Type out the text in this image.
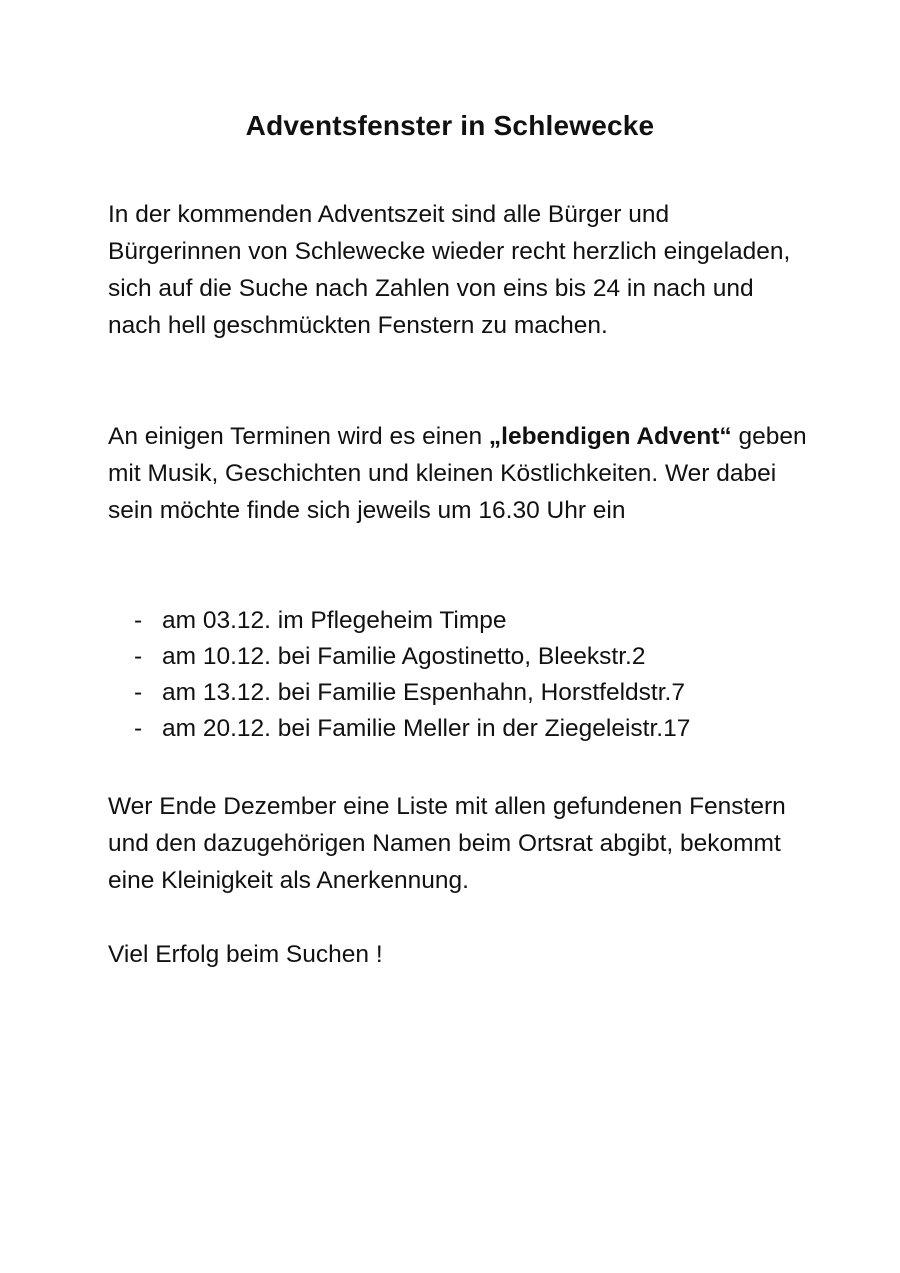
Adventsfenster in Schlewecke

In der kommenden Adventszeit sind alle Bürger und Bürgerinnen von Schlewecke wieder recht herzlich eingeladen, sich auf die Suche nach Zahlen von eins bis 24 in nach und nach hell geschmückten Fenstern zu machen.

An einigen Terminen wird es einen „lebendigen Advent“ geben mit Musik, Geschichten und kleinen Köstlichkeiten. Wer dabei sein möchte finde sich jeweils um 16.30 Uhr ein

- am 03.12. im Pflegeheim Timpe
- am 10.12. bei Familie Agostinetto, Bleekstr.2
- am 13.12. bei Familie Espenhahn, Horstfeldstr.7
- am 20.12. bei Familie Meller in der Ziegeleistr.17

Wer Ende Dezember eine Liste mit allen gefundenen Fenstern und den dazugehörigen Namen beim Ortsrat abgibt, bekommt eine Kleinigkeit als Anerkennung.

Viel Erfolg beim Suchen !
